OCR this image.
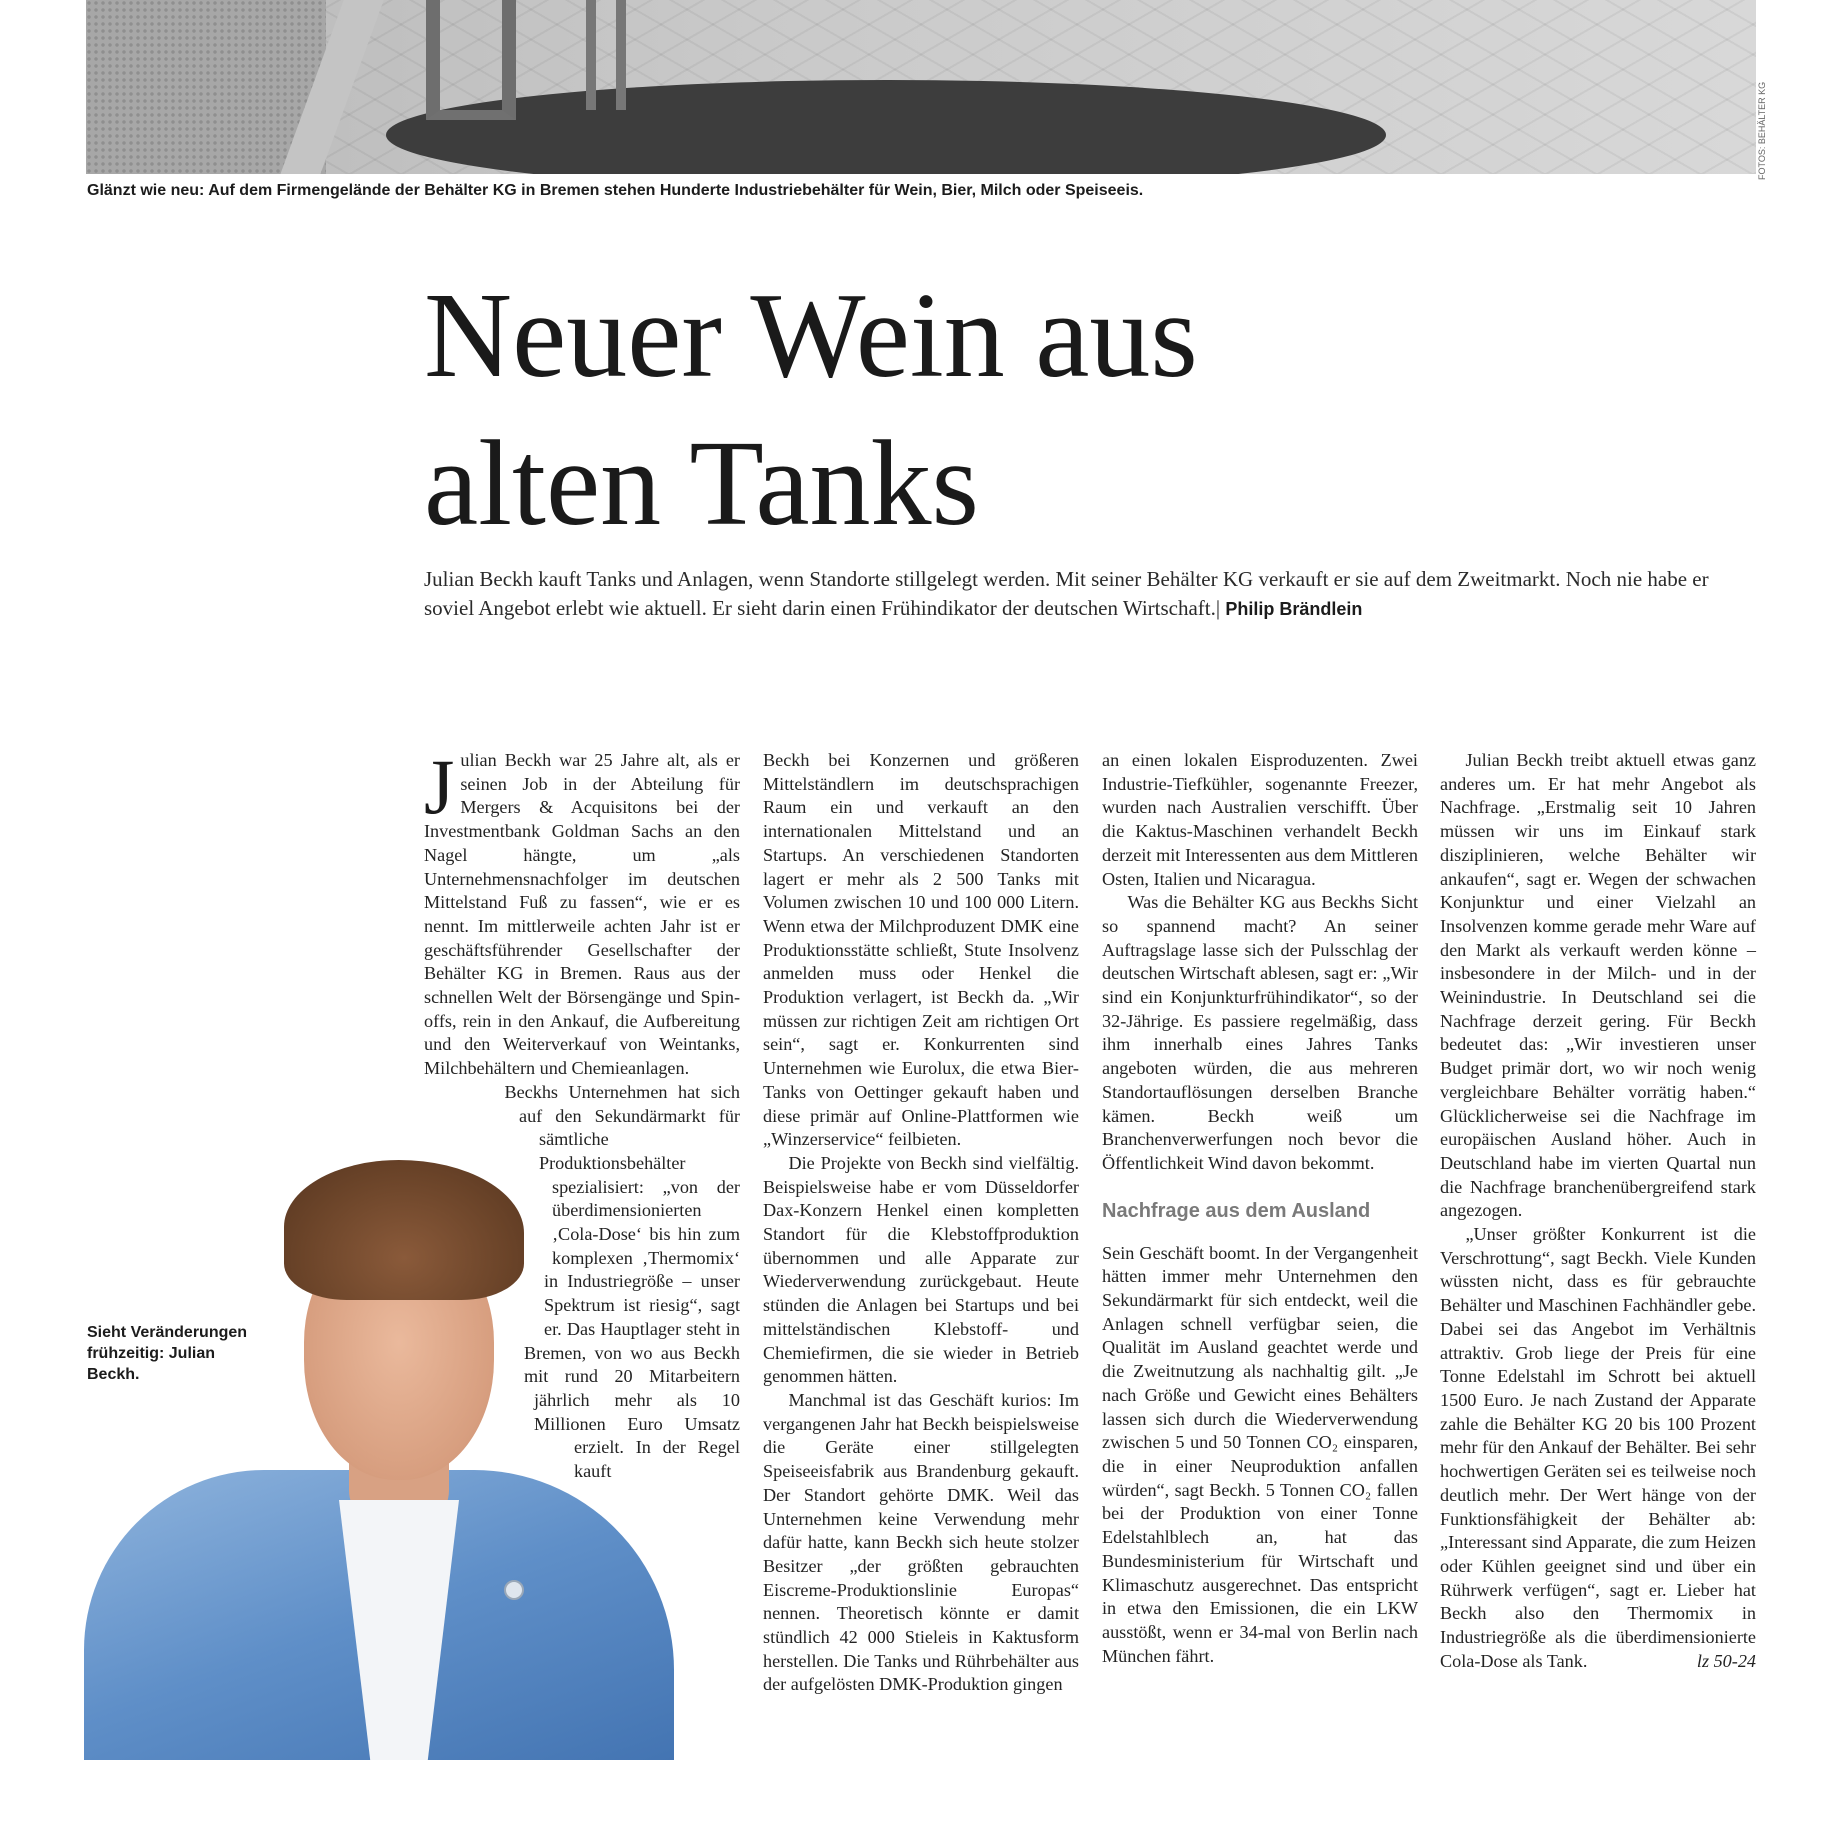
FOTOS: BEHÄLTER KG
Glänzt wie neu: Auf dem Firmengelände der Behälter KG in Bremen stehen Hunderte Industriebehälter für Wein, Bier, Milch oder Speiseeis.
Neuer Wein aus
alten Tanks
Julian Beckh kauft Tanks und Anlagen, wenn Standorte stillgelegt werden. Mit seiner Behälter KG verkauft er sie auf dem Zweitmarkt. Noch nie habe er soviel Angebot erlebt wie aktuell. Er sieht darin einen Frühindikator der deutschen Wirtschaft.| Philip Brändlein
Sieht Veränderungen frühzeitig: Julian Beckh.

Julian Beckh war 25 Jahre alt, als er seinen Job in der Abteilung für Mergers & Acquisitons bei der Investmentbank Goldman Sachs an den Nagel hängte, um „als Unternehmensnachfolger im deutschen Mittelstand Fuß zu fassen“, wie er es nennt. Im mittlerweile achten Jahr ist er geschäftsführender Gesellschafter der Behälter KG in Bremen. Raus aus der schnellen Welt der Börsengänge und Spin-offs, rein in den Ankauf, die Aufbereitung und den Weiterverkauf von Weintanks, Milchbehältern und Chemieanlagen.

Beckhs Unternehmen hat sich auf den Sekundärmarkt für sämtliche Produktionsbehälter spezialisiert: „von der überdimensionierten ‚Cola-Dose‘ bis hin zum komplexen ‚Thermomix‘ in Industriegröße – unser Spektrum ist riesig“, sagt er. Das Hauptlager steht in Bremen, von wo aus Beckh mit rund 20 Mitarbeitern jährlich mehr als 10 Millionen Euro Umsatz erzielt. In der Regel kauft

Beckh bei Konzernen und größeren Mittelständlern im deutschsprachigen Raum ein und verkauft an den internationalen Mittelstand und an Startups. An verschiedenen Standorten lagert er mehr als 2 500 Tanks mit Volumen zwischen 10 und 100 000 Litern. Wenn etwa der Milchproduzent DMK eine Produktionsstätte schließt, Stute Insolvenz anmelden muss oder Henkel die Produktion verlagert, ist Beckh da. „Wir müssen zur richtigen Zeit am richtigen Ort sein“, sagt er. Konkurrenten sind Unternehmen wie Eurolux, die etwa Bier-Tanks von Oettinger gekauft haben und diese primär auf Online-Plattformen wie „Winzerservice“ feilbieten.

Die Projekte von Beckh sind vielfältig. Beispielsweise habe er vom Düsseldorfer Dax-Konzern Henkel einen kompletten Standort für die Klebstoffproduktion übernommen und alle Apparate zur Wiederverwendung zurückgebaut. Heute stünden die Anlagen bei Startups und bei mittelständischen Klebstoff- und Chemiefirmen, die sie wieder in Betrieb genommen hätten.

Manchmal ist das Geschäft kurios: Im vergangenen Jahr hat Beckh beispielsweise die Geräte einer stillgelegten Speiseeisfabrik aus Brandenburg gekauft. Der Standort gehörte DMK. Weil das Unternehmen keine Verwendung mehr dafür hatte, kann Beckh sich heute stolzer Besitzer „der größten gebrauchten Eiscreme-Produktionslinie Europas“ nennen. Theoretisch könnte er damit stündlich 42 000 Stieleis in Kaktusform herstellen. Die Tanks und Rührbehälter aus der aufgelösten DMK-Produktion gingen

an einen lokalen Eisproduzenten. Zwei Industrie-Tiefkühler, sogenannte Freezer, wurden nach Australien verschifft. Über die Kaktus-Maschinen verhandelt Beckh derzeit mit Interessenten aus dem Mittleren Osten, Italien und Nicaragua.

Was die Behälter KG aus Beckhs Sicht so spannend macht? An seiner Auftragslage lasse sich der Pulsschlag der deutschen Wirtschaft ablesen, sagt er: „Wir sind ein Konjunkturfrühindikator“, so der 32-Jährige. Es passiere regelmäßig, dass ihm innerhalb eines Jahres Tanks angeboten würden, die aus mehreren Standortauflösungen derselben Branche kämen. Beckh weiß um Branchenverwerfungen noch bevor die Öffentlichkeit Wind davon bekommt.

Nachfrage aus dem Ausland

Sein Geschäft boomt. In der Vergangenheit hätten immer mehr Unternehmen den Sekundärmarkt für sich entdeckt, weil die Anlagen schnell verfügbar seien, die Qualität im Ausland geachtet werde und die Zweitnutzung als nachhaltig gilt. „Je nach Größe und Gewicht eines Behälters lassen sich durch die Wiederverwendung zwischen 5 und 50 Tonnen CO₂ einsparen, die in einer Neuproduktion anfallen würden“, sagt Beckh. 5 Tonnen CO₂ fallen bei der Produktion von einer Tonne Edelstahlblech an, hat das Bundesministerium für Wirtschaft und Klimaschutz ausgerechnet. Das entspricht in etwa den Emissionen, die ein LKW ausstößt, wenn er 34-mal von Berlin nach München fährt.

Julian Beckh treibt aktuell etwas ganz anderes um. Er hat mehr Angebot als Nachfrage. „Erstmalig seit 10 Jahren müssen wir uns im Einkauf stark disziplinieren, welche Behälter wir ankaufen“, sagt er. Wegen der schwachen Konjunktur und einer Vielzahl an Insolvenzen komme gerade mehr Ware auf den Markt als verkauft werden könne – insbesondere in der Milch- und in der Weinindustrie. In Deutschland sei die Nachfrage derzeit gering. Für Beckh bedeutet das: „Wir investieren unser Budget primär dort, wo wir noch wenig vergleichbare Behälter vorrätig haben.“ Glücklicherweise sei die Nachfrage im europäischen Ausland höher. Auch in Deutschland habe im vierten Quartal nun die Nachfrage branchenübergreifend stark angezogen.

„Unser größter Konkurrent ist die Verschrottung“, sagt Beckh. Viele Kunden wüssten nicht, dass es für gebrauchte Behälter und Maschinen Fachhändler gebe. Dabei sei das Angebot im Verhältnis attraktiv. Grob liege der Preis für eine Tonne Edelstahl im Schrott bei aktuell 1500 Euro. Je nach Zustand der Apparate zahle die Behälter KG 20 bis 100 Prozent mehr für den Ankauf der Behälter. Bei sehr hochwertigen Geräten sei es teilweise noch deutlich mehr. Der Wert hänge von der Funktionsfähigkeit der Behälter ab: „Interessant sind Apparate, die zum Heizen oder Kühlen geeignet sind und über ein Rührwerk verfügen“, sagt er. Lieber hat Beckh also den Thermomix in Industriegröße als die überdimensionierte Cola-Dose als Tank.	lz 50-24
